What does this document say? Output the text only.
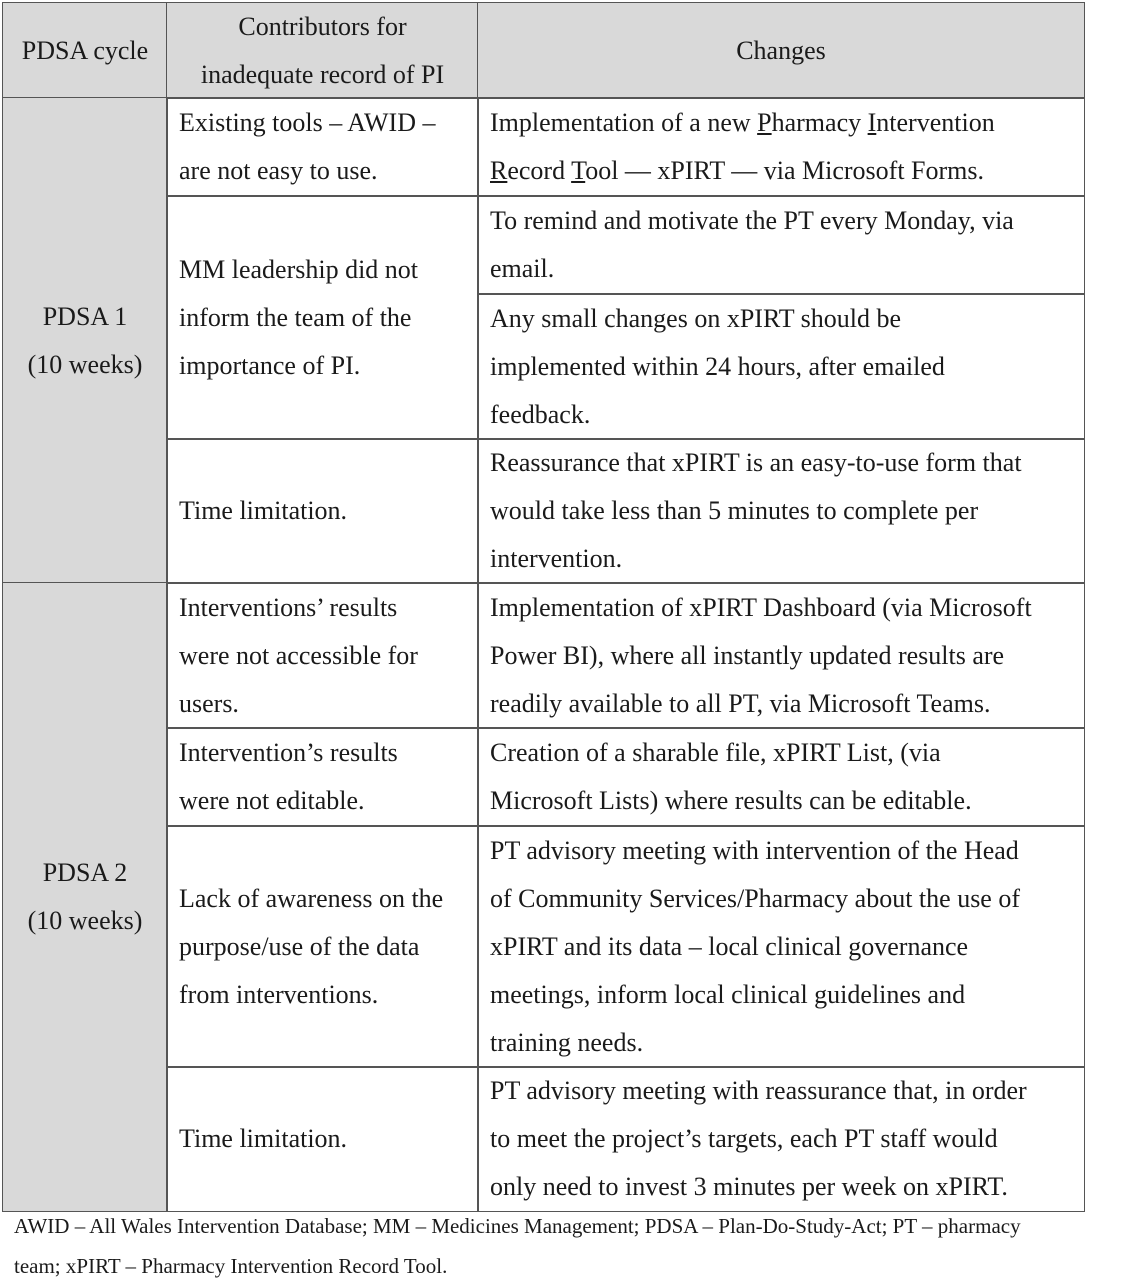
PDSA cycle
Contributors for
inadequate record of PI
Changes
PDSA 1
(10 weeks)
Existing tools – AWID –
are not easy to use.
Implementation of a new Pharmacy Intervention
Record Tool — xPIRT — via Microsoft Forms.
MM leadership did not
inform the team of the
importance of PI.
To remind and motivate the PT every Monday, via
email.
Any small changes on xPIRT should be
implemented within 24 hours, after emailed
feedback.
Time limitation.
Reassurance that xPIRT is an easy-to-use form that
would take less than 5 minutes to complete per
intervention.
PDSA 2
(10 weeks)
Interventions’ results
were not accessible for
users.
Implementation of xPIRT Dashboard (via Microsoft
Power BI), where all instantly updated results are
readily available to all PT, via Microsoft Teams.
Intervention’s results
were not editable.
Creation of a sharable file, xPIRT List, (via
Microsoft Lists) where results can be editable.
Lack of awareness on the
purpose/use of the data
from interventions.
PT advisory meeting with intervention of the Head
of Community Services/Pharmacy about the use of
xPIRT and its data – local clinical governance
meetings, inform local clinical guidelines and
training needs.
Time limitation.
PT advisory meeting with reassurance that, in order
to meet the project’s targets, each PT staff would
only need to invest 3 minutes per week on xPIRT.
AWID – All Wales Intervention Database; MM – Medicines Management; PDSA – Plan-Do-Study-Act; PT – pharmacy
team; xPIRT – Pharmacy Intervention Record Tool.
